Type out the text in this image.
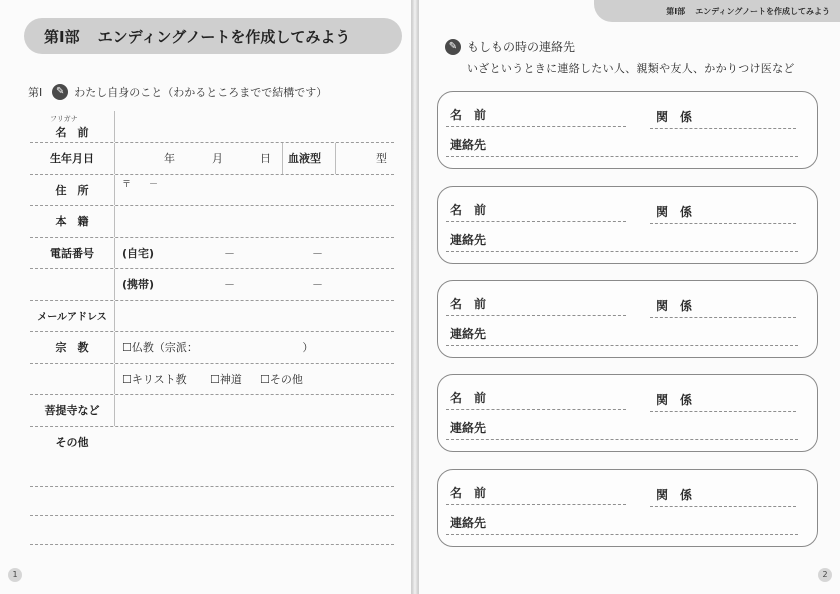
第Ⅰ部 エンディングノートを作成してみよう
第Ⅰ	✎ わたし自身のこと（わかるところまでで結構です）
フリガナ
名　前
生年月日	年	月	日 血液型	型
住　所	〒　　－
本　籍
電話番号	(自宅)	－	－
(携帯)	－	－
メールアドレス
宗　教	☐仏教（宗派：　　　　　　　　　　）
☐キリスト教 ☐神道 ☐その他
菩提寺など
その他
1
第Ⅰ部 エンディングノートを作成してみよう
✎ もしもの時の連絡先
いざというときに連絡したい人、親類や友人、かかりつけ医など
名　前	関　係
連絡先
名　前	関　係
連絡先
名　前	関　係
連絡先
名　前	関　係
連絡先
名　前	関　係
連絡先
2
